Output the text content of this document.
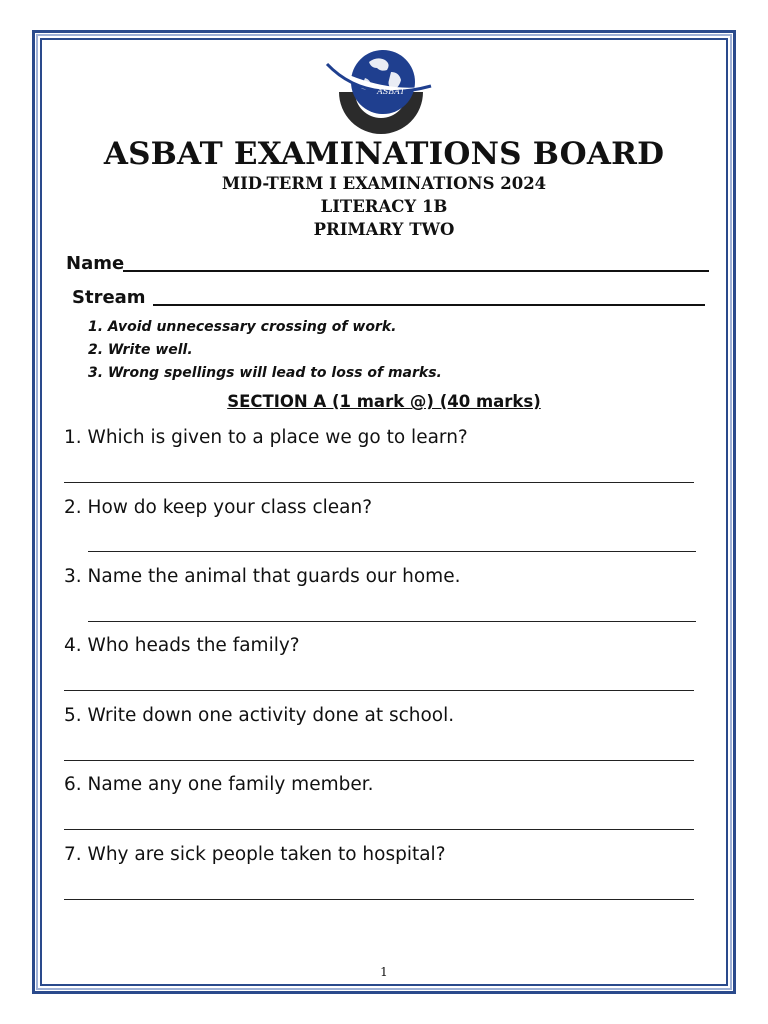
ASBAT
ASBAT EXAMINATIONS BOARD
MID-TERM I EXAMINATIONS 2024
LITERACY 1B
PRIMARY TWO
Name
Stream
1. Avoid unnecessary crossing of work.
2. Write well.
3. Wrong spellings will lead to loss of marks.
SECTION A (1 mark @) (40 marks)
1. Which is given to a place we go to learn?
2. How do keep your class clean?
3. Name the animal that guards our home.
4. Who heads the family?
5. Write down one activity done at school.
6. Name any one family member.
7. Why are sick people taken to hospital?
1
